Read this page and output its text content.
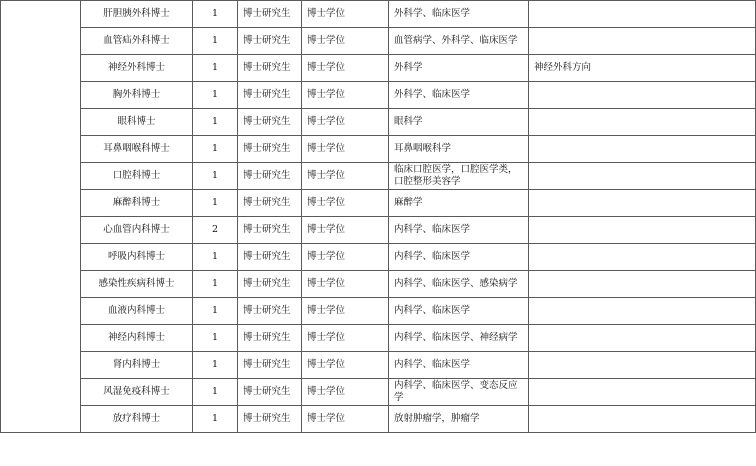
	肝胆胰外科博士	1	博士研究生	博士学位	外科学、临床医学	
	血管疝外科博士	1	博士研究生	博士学位	血管病学、外科学、临床医学	
	神经外科博士	1	博士研究生	博士学位	外科学	神经外科方向
	胸外科博士	1	博士研究生	博士学位	外科学、临床医学	
	眼科博士	1	博士研究生	博士学位	眼科学	
	耳鼻咽喉科博士	1	博士研究生	博士学位	耳鼻咽喉科学	
	口腔科博士	1	博士研究生	博士学位	临床口腔医学，口腔医学类，口腔整形美容学	
	麻醉科博士	1	博士研究生	博士学位	麻醉学	
	心血管内科博士	2	博士研究生	博士学位	内科学、临床医学	
	呼吸内科博士	1	博士研究生	博士学位	内科学、临床医学	
	感染性疾病科博士	1	博士研究生	博士学位	内科学、临床医学、感染病学	
	血液内科博士	1	博士研究生	博士学位	内科学、临床医学	
	神经内科博士	1	博士研究生	博士学位	内科学、临床医学、神经病学	
	肾内科博士	1	博士研究生	博士学位	内科学、临床医学	
	风湿免疫科博士	1	博士研究生	博士学位	内科学、临床医学、变态反应学	
	放疗科博士	1	博士研究生	博士学位	放射肿瘤学，肿瘤学	
